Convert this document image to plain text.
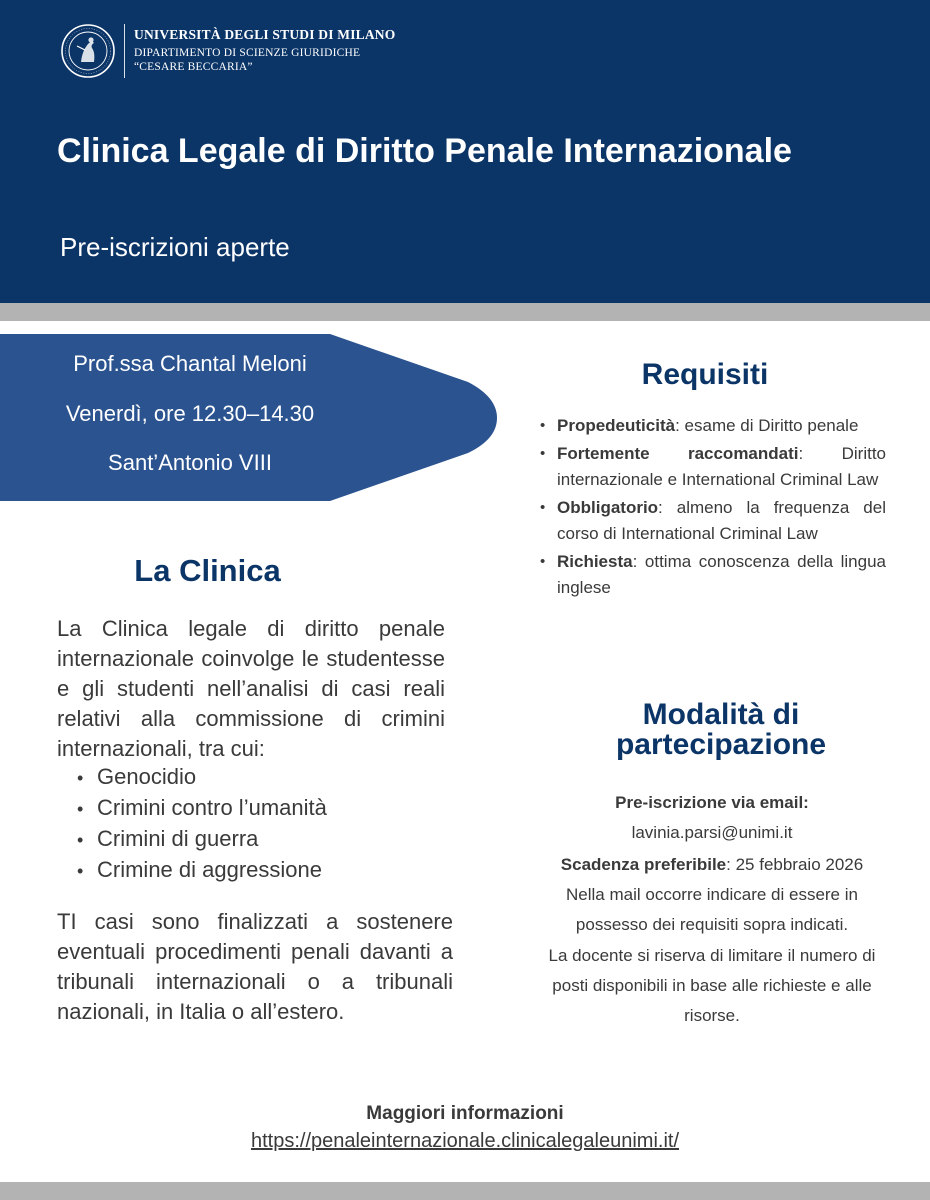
UNIVERSITÀ DEGLI STUDI DI MILANO
DIPARTIMENTO DI SCIENZE GIURIDICHE
“CESARE BECCARIA”
Clinica Legale di Diritto Penale Internazionale
Pre-iscrizioni aperte
Prof.ssa Chantal Meloni
Venerdì, ore 12.30–14.30
Sant’Antonio VIII
La Clinica
La Clinica legale di diritto penale internazionale coinvolge le studentesse e gli studenti nell’analisi di casi reali relativi alla commissione di crimini internazionali, tra cui:
• Genocidio
• Crimini contro l’umanità
• Crimini di guerra
• Crimine di aggressione
TI casi sono finalizzati a sostenere eventuali procedimenti penali davanti a tribunali internazionali o a tribunali nazionali, in Italia o all’estero.
Requisiti
• Propedeuticità: esame di Diritto penale
• Fortemente raccomandati: Diritto internazionale e International Criminal Law
• Obbligatorio: almeno la frequenza del corso di International Criminal Law
• Richiesta: ottima conoscenza della lingua inglese
Modalità di partecipazione
Pre-iscrizione via email:
lavinia.parsi@unimi.it
Scadenza preferibile: 25 febbraio 2026
Nella mail occorre indicare di essere in possesso dei requisiti sopra indicati.
La docente si riserva di limitare il numero di posti disponibili in base alle richieste e alle risorse.
Maggiori informazioni
https://penaleinternazionale.clinicalegaleunimi.it/
